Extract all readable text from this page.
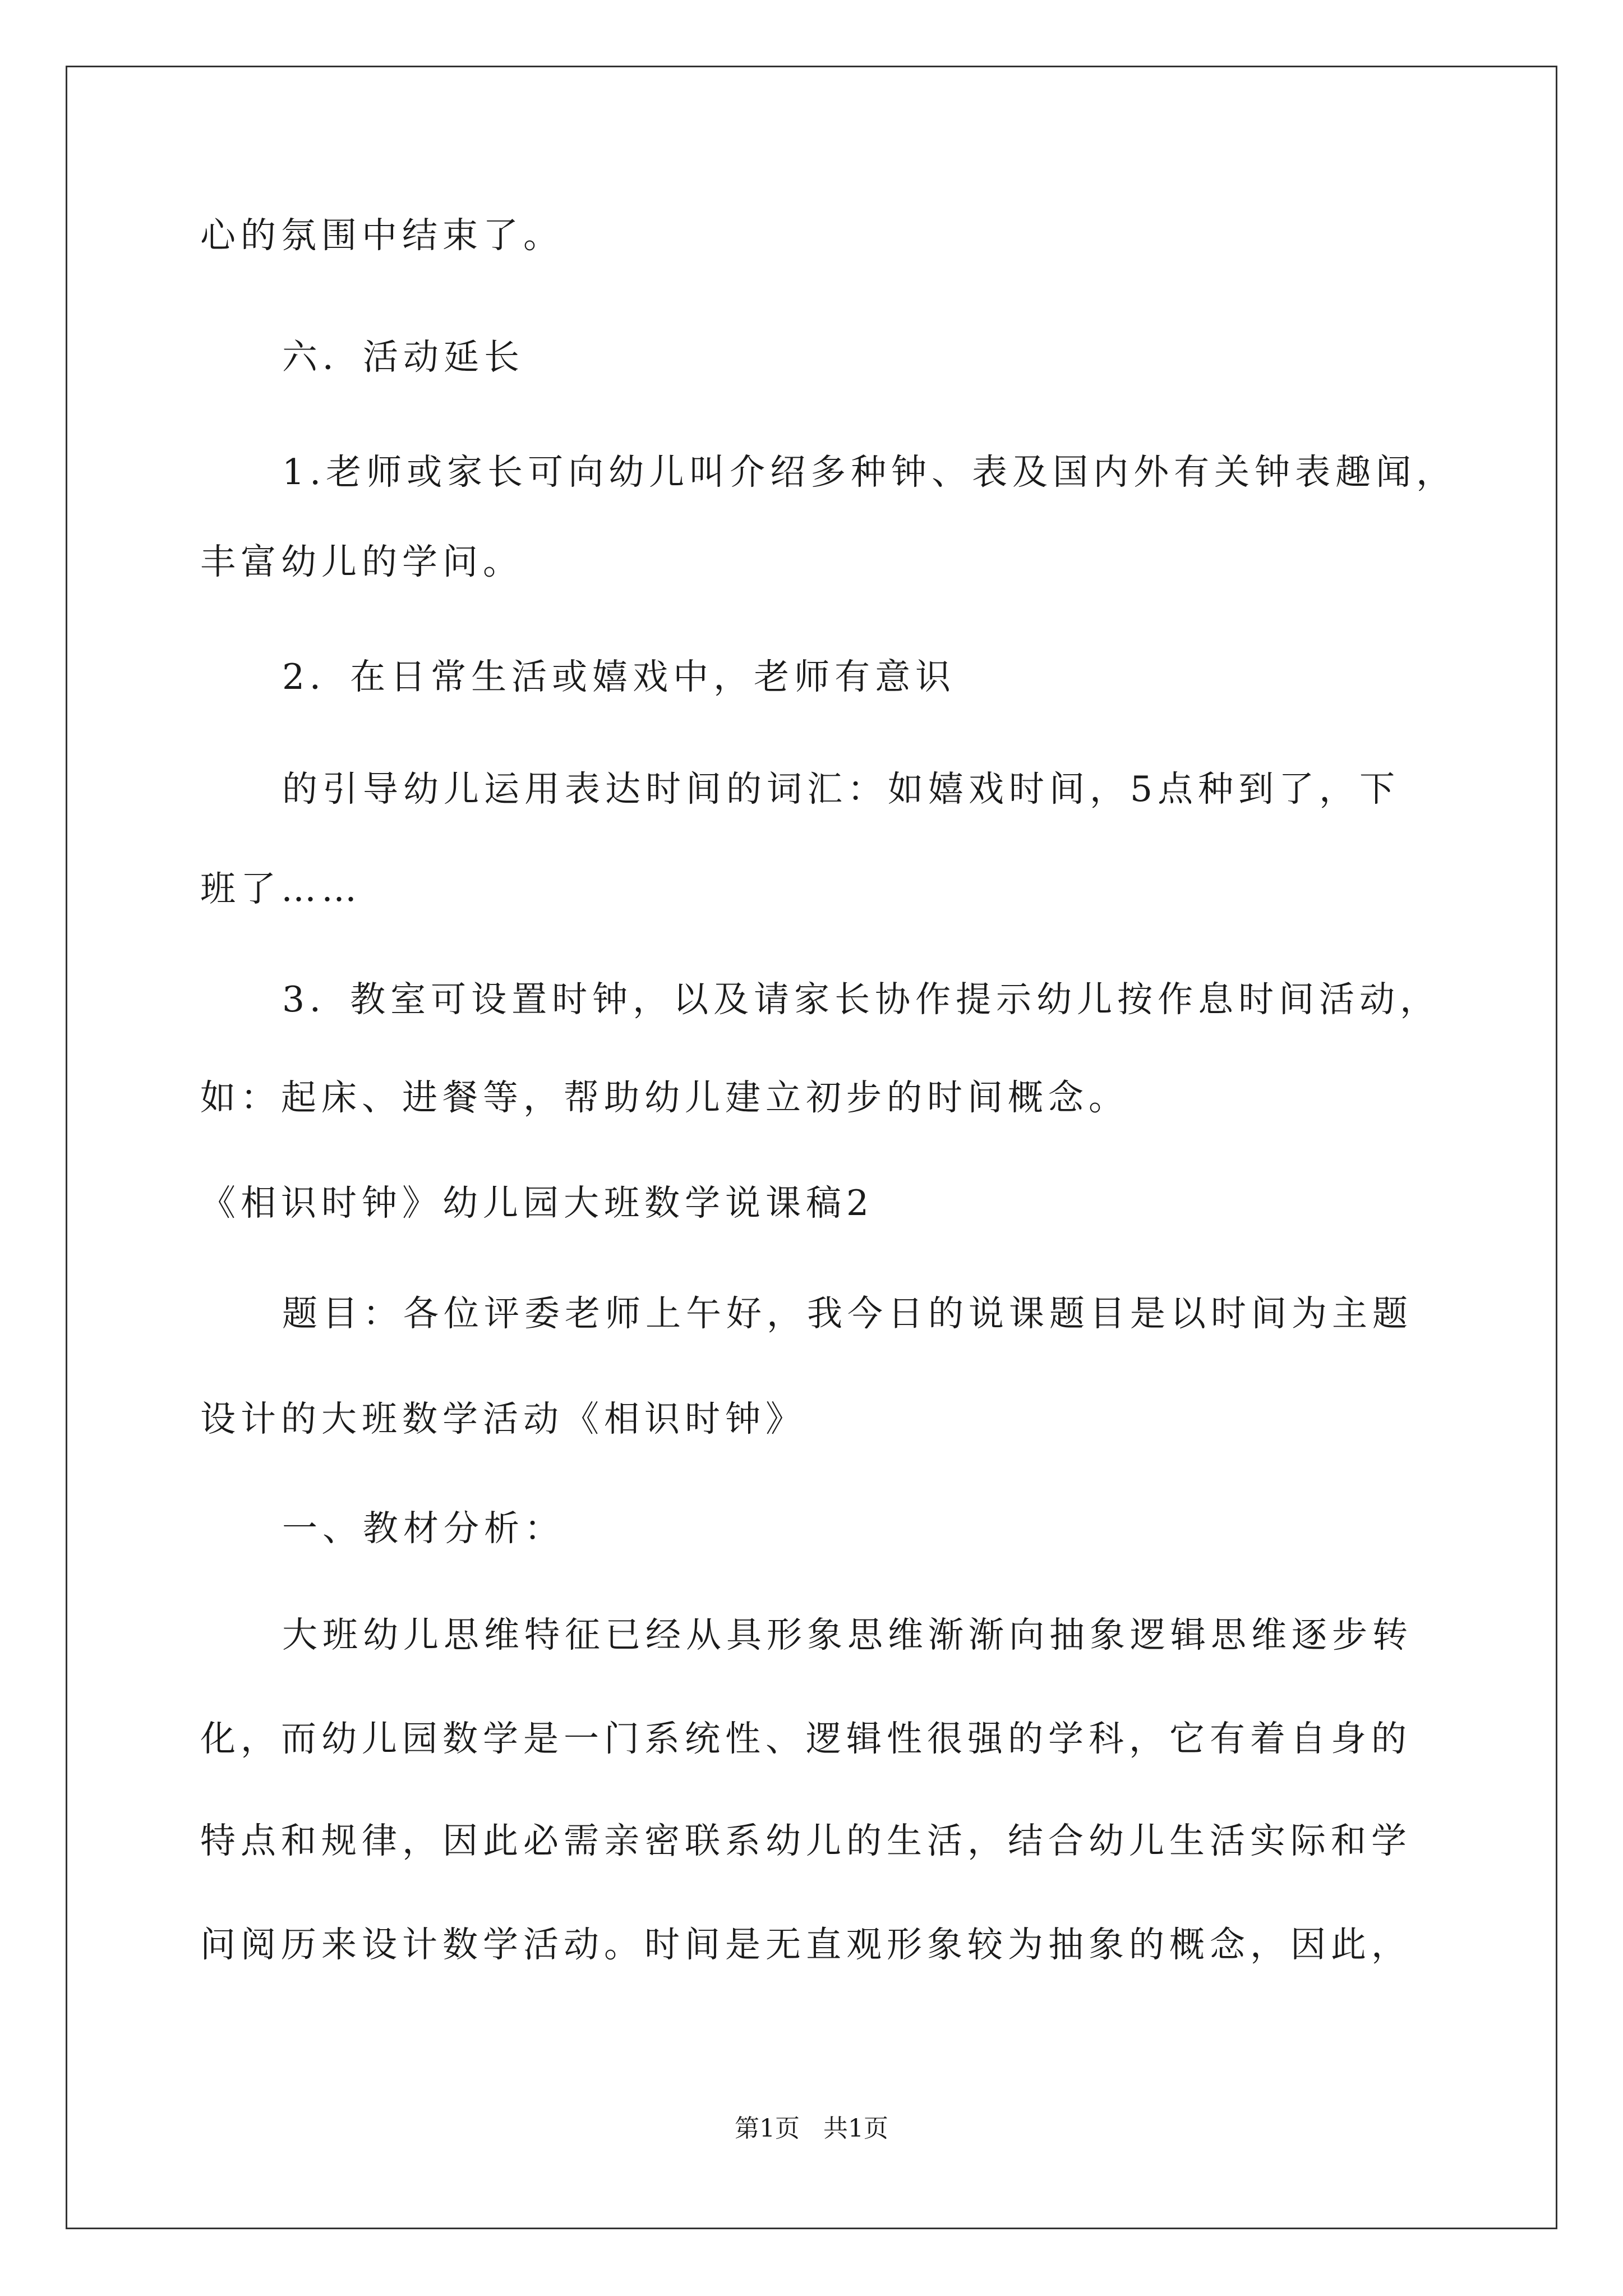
心的氛围中结束了。

六．活动延长

1.老师或家长可向幼儿叫介绍多种钟、表及国内外有关钟表趣闻，

丰富幼儿的学问。

2．在日常生活或嬉戏中，老师有意识

的引导幼儿运用表达时间的词汇：如嬉戏时间，5点种到了，下

班了……

3．教室可设置时钟，以及请家长协作提示幼儿按作息时间活动，

如：起床、进餐等，帮助幼儿建立初步的时间概念。

《相识时钟》幼儿园大班数学说课稿2

题目：各位评委老师上午好，我今日的说课题目是以时间为主题

设计的大班数学活动《相识时钟》

一、教材分析：

大班幼儿思维特征已经从具形象思维渐渐向抽象逻辑思维逐步转

化，而幼儿园数学是一门系统性、逻辑性很强的学科，它有着自身的

特点和规律，因此必需亲密联系幼儿的生活，结合幼儿生活实际和学

问阅历来设计数学活动。时间是无直观形象较为抽象的概念，因此，

第1页   共1页
